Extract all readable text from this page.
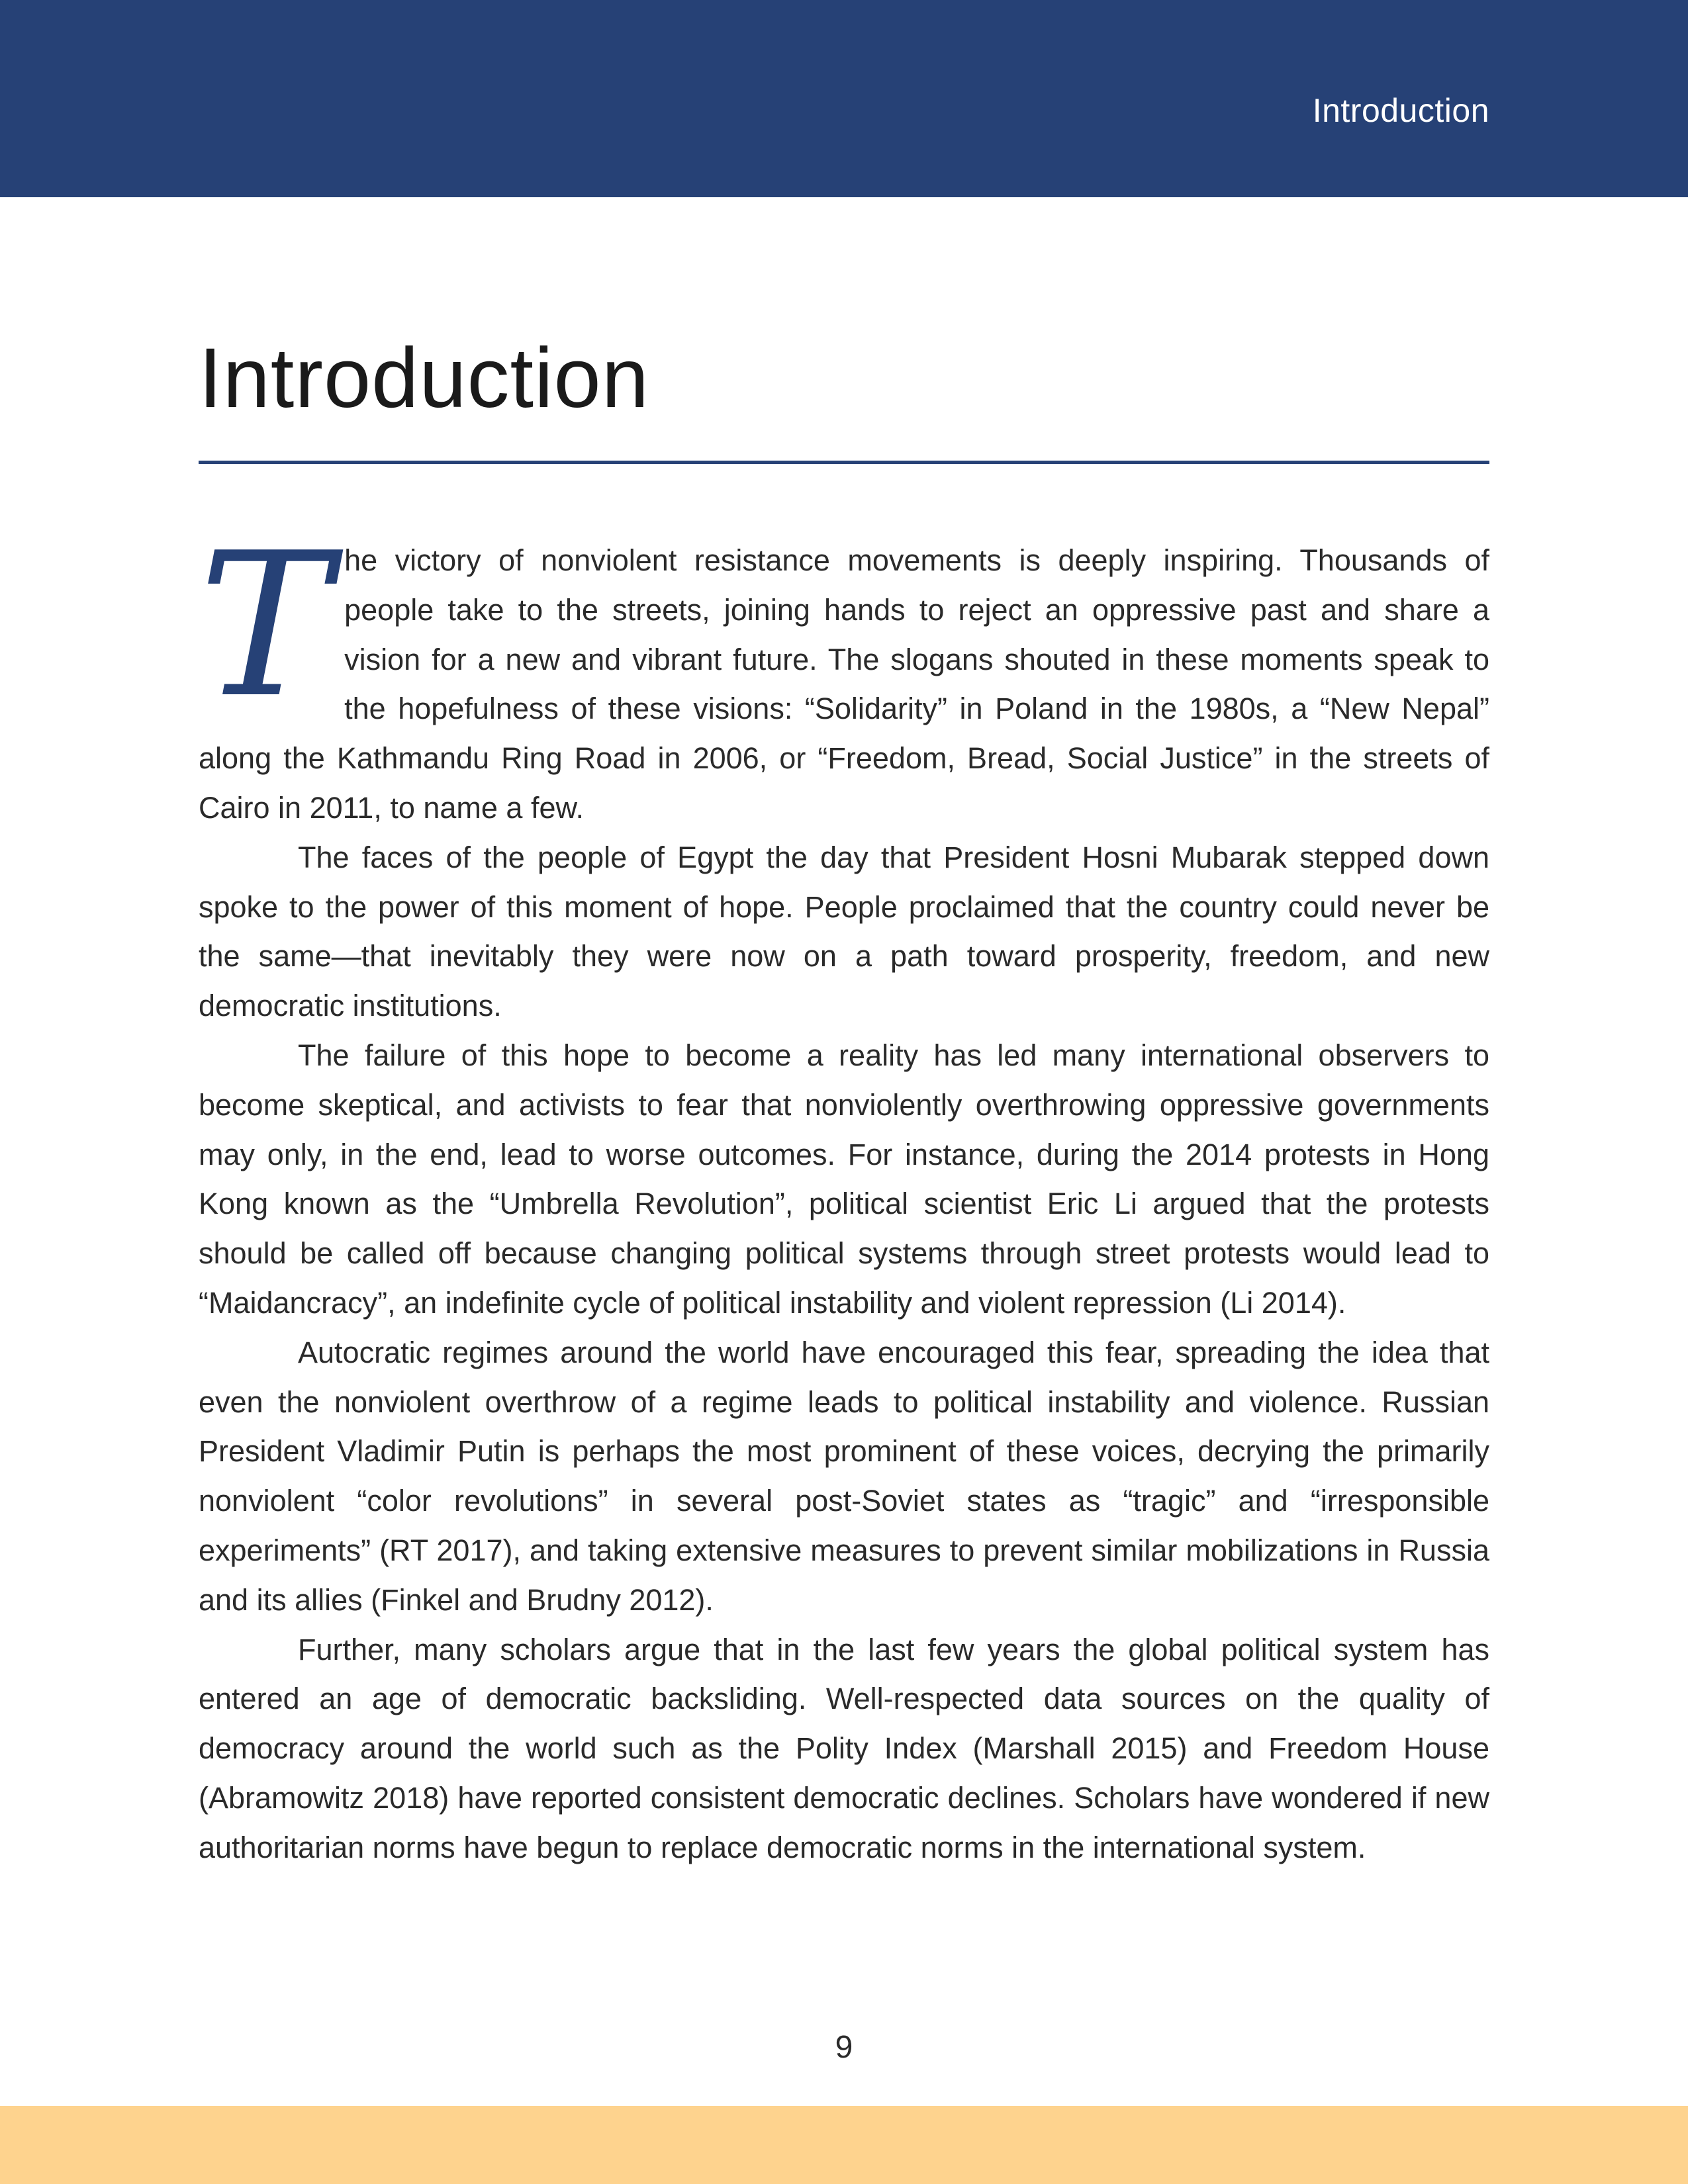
Introduction
Introduction

The victory of nonviolent resistance movements is deeply inspiring. Thousands of people take to the streets, joining hands to reject an oppressive past and share a vision for a new and vibrant future. The slogans shouted in these moments speak to the hopefulness of these visions: “Solidarity” in Poland in the 1980s, a “New Nepal” along the Kathmandu Ring Road in 2006, or “Freedom, Bread, Social Justice” in the streets of Cairo in 2011, to name a few.

The faces of the people of Egypt the day that President Hosni Mubarak stepped down spoke to the power of this moment of hope. People proclaimed that the country could never be the same—that inevitably they were now on a path toward prosperity, freedom, and new democratic institutions.

The failure of this hope to become a reality has led many international observers to become skeptical, and activists to fear that nonviolently overthrowing oppressive governments may only, in the end, lead to worse outcomes. For instance, during the 2014 protests in Hong Kong known as the “Umbrella Revolution”, political scientist Eric Li argued that the protests should be called off because changing political systems through street protests would lead to “Maidancracy”, an indefinite cycle of political instability and violent repression (Li 2014).

Autocratic regimes around the world have encouraged this fear, spreading the idea that even the nonviolent overthrow of a regime leads to political instability and violence. Russian President Vladimir Putin is perhaps the most prominent of these voices, decrying the primarily nonviolent “color revolutions” in several post-Soviet states as “tragic” and “irresponsible experiments” (RT 2017), and taking extensive measures to prevent similar mobilizations in Russia and its allies (Finkel and Brudny 2012).

Further, many scholars argue that in the last few years the global political system has entered an age of democratic backsliding. Well-respected data sources on the quality of democracy around the world such as the Polity Index (Marshall 2015) and Freedom House (Abramowitz 2018) have reported consistent democratic declines. Scholars have wondered if new authoritarian norms have begun to replace democratic norms in the international system.

9
